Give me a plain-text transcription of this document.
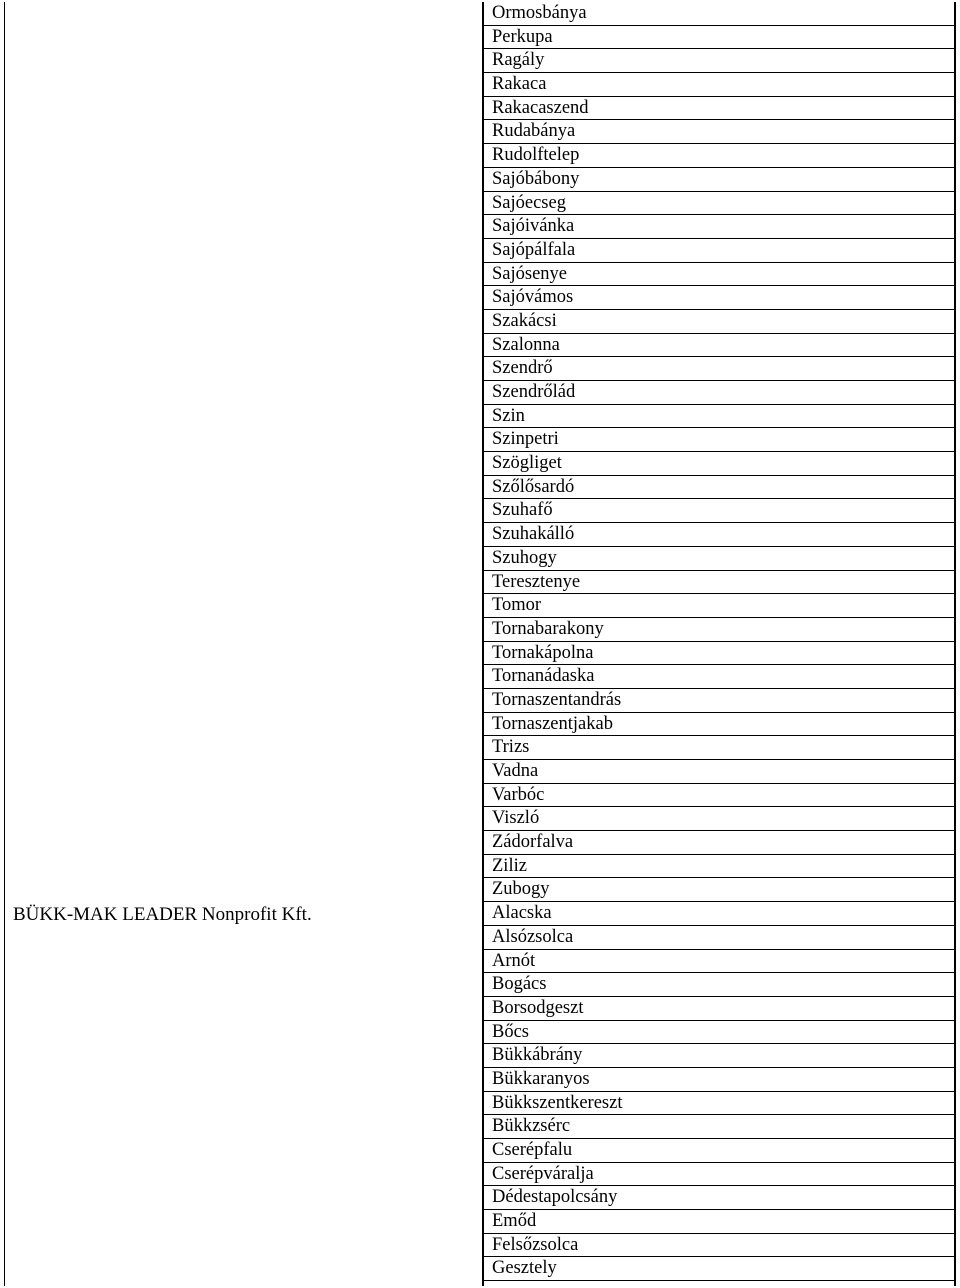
BÜKK-MAK LEADER Nonprofit Kft.
Ormosbánya
Perkupa
Ragály
Rakaca
Rakacaszend
Rudabánya
Rudolftelep
Sajóbábony
Sajóecseg
Sajóivánka
Sajópálfala
Sajósenye
Sajóvámos
Szakácsi
Szalonna
Szendrő
Szendrőlád
Szin
Szinpetri
Szögliget
Szőlősardó
Szuhafő
Szuhakálló
Szuhogy
Teresztenye
Tomor
Tornabarakony
Tornakápolna
Tornanádaska
Tornaszentandrás
Tornaszentjakab
Trizs
Vadna
Varbóc
Viszló
Zádorfalva
Ziliz
Zubogy
Alacska
Alsózsolca
Arnót
Bogács
Borsodgeszt
Bőcs
Bükkábrány
Bükkaranyos
Bükkszentkereszt
Bükkzsérc
Cserépfalu
Cserépváralja
Dédestapolcsány
Emőd
Felsőzsolca
Gesztely
